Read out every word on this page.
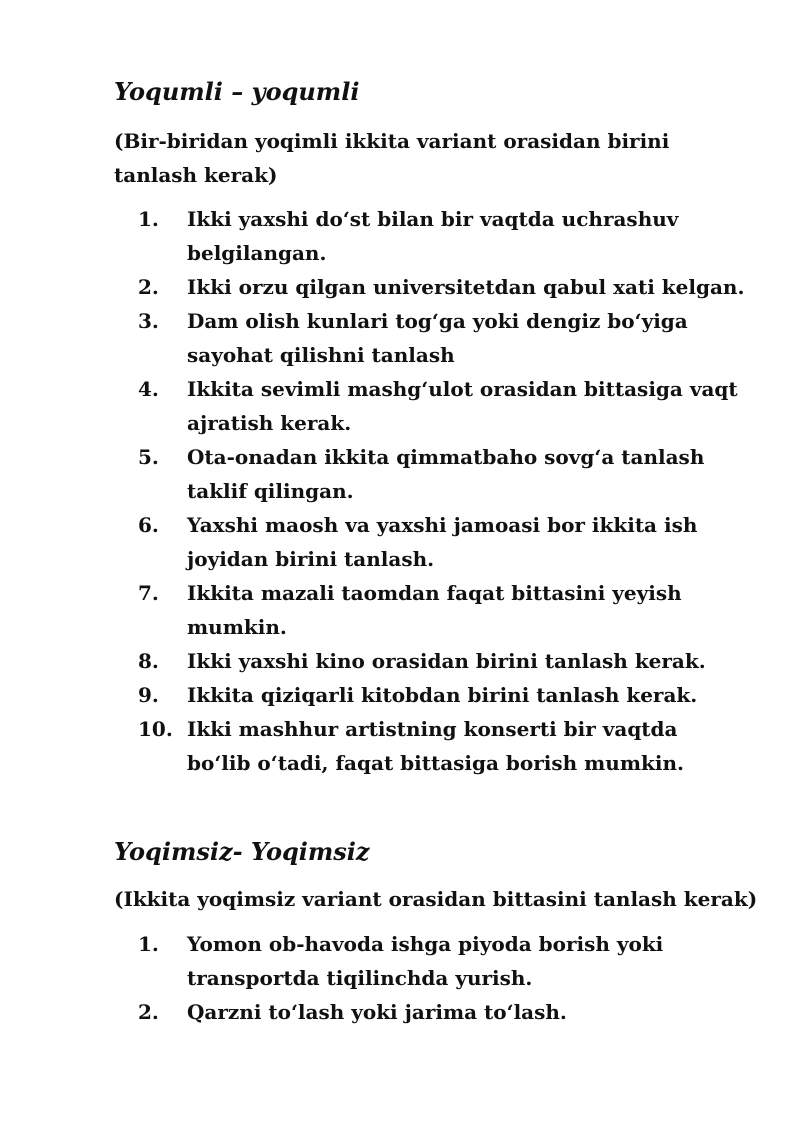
Yoqumli – yoqumli

(Bir-biridan yoqimli ikkita variant orasidan birini tanlash kerak)

1. Ikki yaxshi do‘st bilan bir vaqtda uchrashuv belgilangan.
2. Ikki orzu qilgan universitetdan qabul xati kelgan.
3. Dam olish kunlari tog‘ga yoki dengiz bo‘yiga sayohat qilishni tanlash
4. Ikkita sevimli mashg‘ulot orasidan bittasiga vaqt ajratish kerak.
5. Ota-onadan ikkita qimmatbaho sovg‘a tanlash taklif qilingan.
6. Yaxshi maosh va yaxshi jamoasi bor ikkita ish joyidan birini tanlash.
7. Ikkita mazali taomdan faqat bittasini yeyish mumkin.
8. Ikki yaxshi kino orasidan birini tanlash kerak.
9. Ikkita qiziqarli kitobdan birini tanlash kerak.
10. Ikki mashhur artistning konserti bir vaqtda bo‘lib o‘tadi, faqat bittasiga borish mumkin.
Yoqimsiz- Yoqimsiz

(Ikkita yoqimsiz variant orasidan bittasini tanlash kerak)

1. Yomon ob-havoda ishga piyoda borish yoki transportda tiqilinchda yurish.
2. Qarzni to‘lash yoki jarima to‘lash.
